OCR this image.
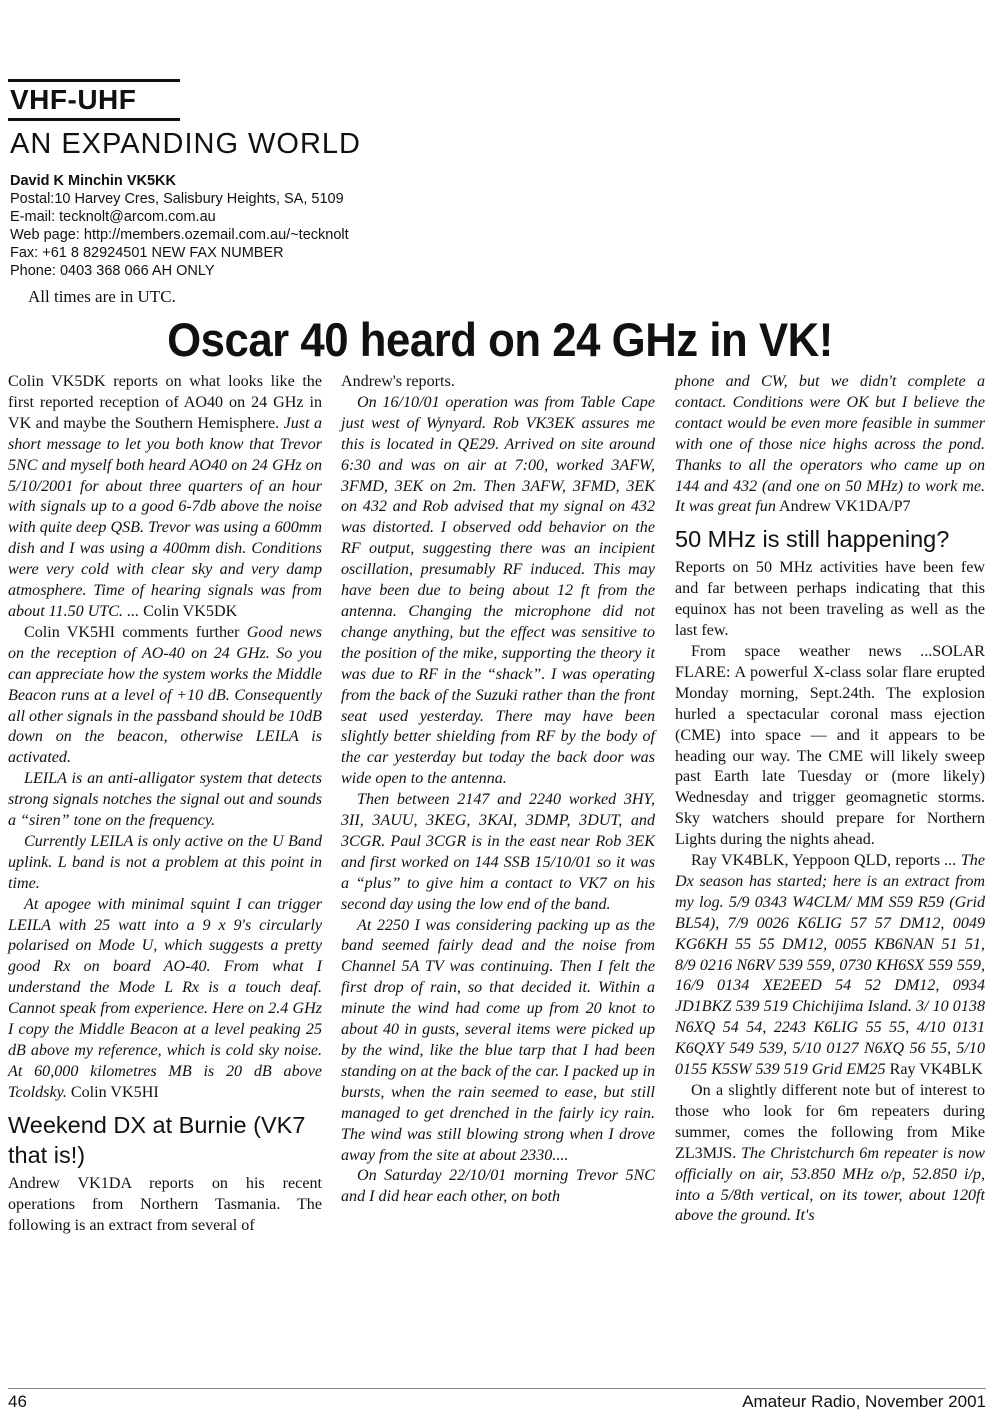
VHF-UHF
AN EXPANDING WORLD
David K Minchin VK5KK
Postal:10 Harvey Cres, Salisbury Heights, SA, 5109
E-mail: tecknolt@arcom.com.au
Web page: http://members.ozemail.com.au/~tecknolt
Fax: +61 8 82924501 NEW FAX NUMBER
Phone: 0403 368 066 AH ONLY
All times are in UTC.
Oscar 40 heard on 24 GHz in VK!

Colin VK5DK reports on what looks like the first reported reception of AO40 on 24 GHz in VK and maybe the Southern Hemisphere. Just a short message to let you both know that Trevor 5NC and myself both heard AO40 on 24 GHz on 5/10/2001 for about three quarters of an hour with signals up to a good 6-7db above the noise with quite deep QSB. Trevor was using a 600mm dish and I was using a 400mm dish. Conditions were very cold with clear sky and very damp atmosphere. Time of hearing signals was from about 11.50 UTC. ... Colin VK5DK

Colin VK5HI comments further Good news on the reception of AO-40 on 24 GHz. So you can appreciate how the system works the Middle Beacon runs at a level of +10 dB. Consequently all other signals in the passband should be 10dB down on the beacon, otherwise LEILA is activated.

LEILA is an anti-alligator system that detects strong signals notches the signal out and sounds a “siren” tone on the frequency.

Currently LEILA is only active on the U Band uplink. L band is not a problem at this point in time.

At apogee with minimal squint I can trigger LEILA with 25 watt into a 9 x 9's circularly polarised on Mode U, which suggests a pretty good Rx on board AO-40. From what I understand the Mode L Rx is a touch deaf. Cannot speak from experience. Here on 2.4 GHz I copy the Middle Beacon at a level peaking 25 dB above my reference, which is cold sky noise. At 60,000 kilometres MB is 20 dB above Tcoldsky. Colin VK5HI

Weekend DX at Burnie (VK7 that is!)

Andrew VK1DA reports on his recent operations from Northern Tasmania. The following is an extract from several of

Andrew's reports.

On 16/10/01 operation was from Table Cape just west of Wynyard. Rob VK3EK assures me this is located in QE29. Arrived on site around 6:30 and was on air at 7:00, worked 3AFW, 3FMD, 3EK on 2m. Then 3AFW, 3FMD, 3EK on 432 and Rob advised that my signal on 432 was distorted. I observed odd behavior on the RF output, suggesting there was an incipient oscillation, presumably RF induced. This may have been due to being about 12 ft from the antenna. Changing the microphone did not change anything, but the effect was sensitive to the position of the mike, supporting the theory it was due to RF in the “shack”. I was operating from the back of the Suzuki rather than the front seat used yesterday. There may have been slightly better shielding from RF by the body of the car yesterday but today the back door was wide open to the antenna.

Then between 2147 and 2240 worked 3HY, 3II, 3AUU, 3KEG, 3KAI, 3DMP, 3DUT, and 3CGR. Paul 3CGR is in the east near Rob 3EK and first worked on 144 SSB 15/10/01 so it was a “plus” to give him a contact to VK7 on his second day using the low end of the band.

At 2250 I was considering packing up as the band seemed fairly dead and the noise from Channel 5A TV was continuing. Then I felt the first drop of rain, so that decided it. Within a minute the wind had come up from 20 knot to about 40 in gusts, several items were picked up by the wind, like the blue tarp that I had been standing on at the back of the car. I packed up in bursts, when the rain seemed to ease, but still managed to get drenched in the fairly icy rain. The wind was still blowing strong when I drove away from the site at about 2330....

On Saturday 22/10/01 morning Trevor 5NC and I did hear each other, on both

phone and CW, but we didn't complete a contact. Conditions were OK but I believe the contact would be even more feasible in summer with one of those nice highs across the pond. Thanks to all the operators who came up on 144 and 432 (and one on 50 MHz) to work me. It was great fun Andrew VK1DA/P7

50 MHz is still happening?

Reports on 50 MHz activities have been few and far between perhaps indicating that this equinox has not been traveling as well as the last few.

From space weather news ...SOLAR FLARE: A powerful X-class solar flare erupted Monday morning, Sept.24th. The explosion hurled a spectacular coronal mass ejection (CME) into space — and it appears to be heading our way. The CME will likely sweep past Earth late Tuesday or (more likely) Wednesday and trigger geomagnetic storms. Sky watchers should prepare for Northern Lights during the nights ahead.

Ray VK4BLK, Yeppoon QLD, reports ... The Dx season has started; here is an extract from my log. 5/9 0343 W4CLM/ MM S59 R59 (Grid BL54), 7/9 0026 K6LIG 57 57 DM12, 0049 KG6KH 55 55 DM12, 0055 KB6NAN 51 51, 8/9 0216 N6RV 539 559, 0730 KH6SX 559 559, 16/9 0134 XE2EED 54 52 DM12, 0934 JD1BKZ 539 519 Chichijima Island. 3/ 10 0138 N6XQ 54 54, 2243 K6LIG 55 55, 4/10 0131 K6QXY 549 539, 5/10 0127 N6XQ 56 55, 5/10 0155 K5SW 539 519 Grid EM25 Ray VK4BLK

On a slightly different note but of interest to those who look for 6m repeaters during summer, comes the following from Mike ZL3MJS. The Christchurch 6m repeater is now officially on air, 53.850 MHz o/p, 52.850 i/p, into a 5/8th vertical, on its tower, about 120ft above the ground. It's

46	Amateur Radio, November 2001
